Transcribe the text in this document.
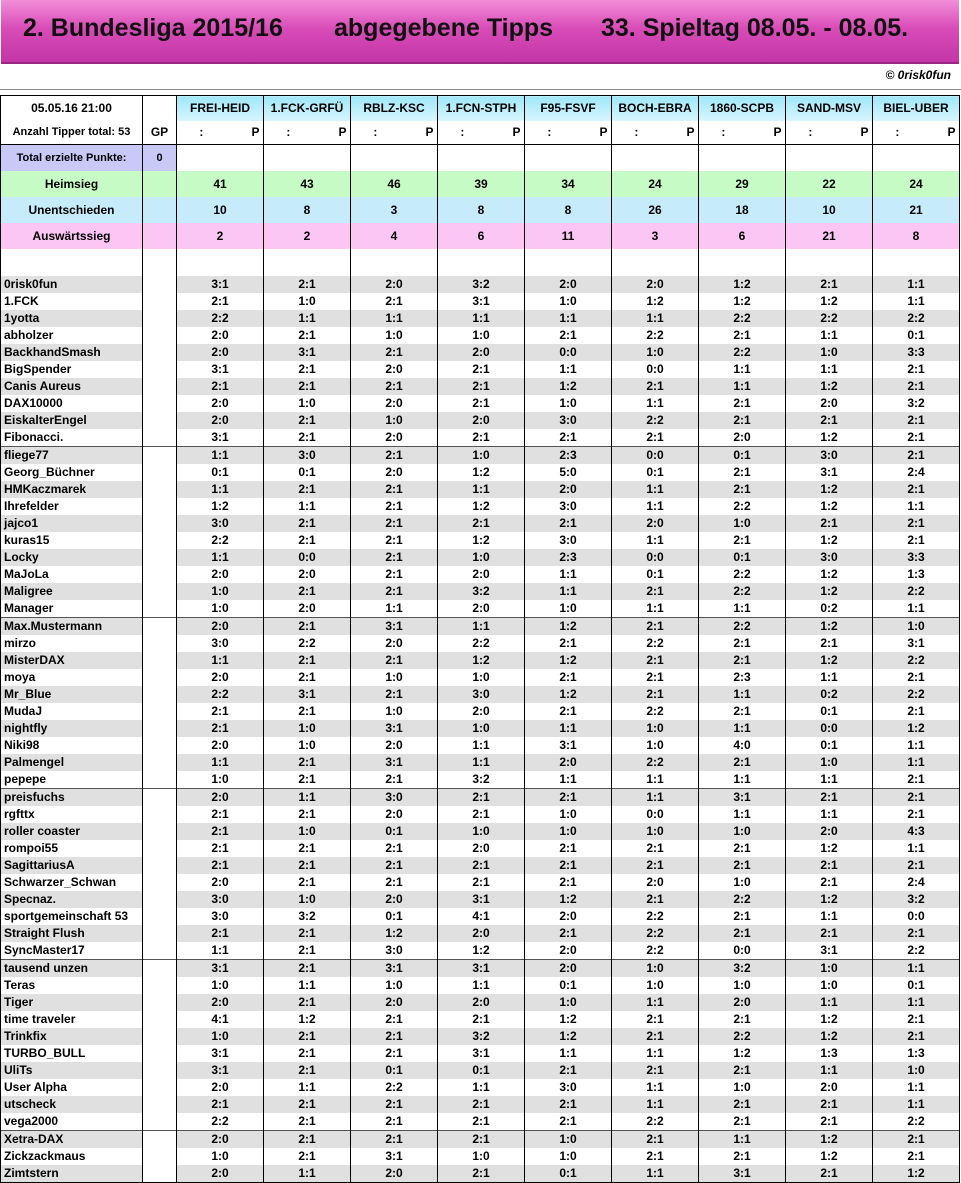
2. Bundesliga 2015/16 abgegebene Tipps 33. Spieltag 08.05. - 08.05.
© 0risk0fun
05.05.16 21:00		FREI-HEID	1.FCK-GRFÜ	RBLZ-KSC	1.FCN-STPH	F95-FSVF	BOCH-EBRA	1860-SCPB	SAND-MSV	BIEL-UBER
Anzahl Tipper total: 53	GP	: P	: P	: P	: P	: P	: P	: P	: P	: P
Total erzielte Punkte:	0									
Heimsieg		41	43	46	39	34	24	29	22	24
Unentschieden		10	8	3	8	8	26	18	10	21
Auswärtssieg		2	2	4	6	11	3	6	21	8

0risk0fun		3:1	2:1	2:0	3:2	2:0	2:0	1:2	2:1	1:1
1.FCK		2:1	1:0	2:1	3:1	1:0	1:2	1:2	1:2	1:1
1yotta		2:2	1:1	1:1	1:1	1:1	1:1	2:2	2:2	2:2
abholzer		2:0	2:1	1:0	1:0	2:1	2:2	2:1	1:1	0:1
BackhandSmash		2:0	3:1	2:1	2:0	0:0	1:0	2:2	1:0	3:3
BigSpender		3:1	2:1	2:0	2:1	1:1	0:0	1:1	1:1	2:1
Canis Aureus		2:1	2:1	2:1	2:1	1:2	2:1	1:1	1:2	2:1
DAX10000		2:0	1:0	2:0	2:1	1:0	1:1	2:1	2:0	3:2
EiskalterEngel		2:0	2:1	1:0	2:0	3:0	2:2	2:1	2:1	2:1
Fibonacci.		3:1	2:1	2:0	2:1	2:1	2:1	2:0	1:2	2:1
fliege77		1:1	3:0	2:1	1:0	2:3	0:0	0:1	3:0	2:1
Georg_Büchner		0:1	0:1	2:0	1:2	5:0	0:1	2:1	3:1	2:4
HMKaczmarek		1:1	2:1	2:1	1:1	2:0	1:1	2:1	1:2	2:1
Ihrefelder		1:2	1:1	2:1	1:2	3:0	1:1	2:2	1:2	1:1
jajco1		3:0	2:1	2:1	2:1	2:1	2:0	1:0	2:1	2:1
kuras15		2:2	2:1	2:1	1:2	3:0	1:1	2:1	1:2	2:1
Locky		1:1	0:0	2:1	1:0	2:3	0:0	0:1	3:0	3:3
MaJoLa		2:0	2:0	2:1	2:0	1:1	0:1	2:2	1:2	1:3
Maligree		1:0	2:1	2:1	3:2	1:1	2:1	2:2	1:2	2:2
Manager		1:0	2:0	1:1	2:0	1:0	1:1	1:1	0:2	1:1
Max.Mustermann		2:0	2:1	3:1	1:1	1:2	2:1	2:2	1:2	1:0
mirzo		3:0	2:2	2:0	2:2	2:1	2:2	2:1	2:1	3:1
MisterDAX		1:1	2:1	2:1	1:2	1:2	2:1	2:1	1:2	2:2
moya		2:0	2:1	1:0	1:0	2:1	2:1	2:3	1:1	2:1
Mr_Blue		2:2	3:1	2:1	3:0	1:2	2:1	1:1	0:2	2:2
MudaJ		2:1	2:1	1:0	2:0	2:1	2:2	2:1	0:1	2:1
nightfly		2:1	1:0	3:1	1:0	1:1	1:0	1:1	0:0	1:2
Niki98		2:0	1:0	2:0	1:1	3:1	1:0	4:0	0:1	1:1
Palmengel		1:1	2:1	3:1	1:1	2:0	2:2	2:1	1:0	1:1
pepepe		1:0	2:1	2:1	3:2	1:1	1:1	1:1	1:1	2:1
preisfuchs		2:0	1:1	3:0	2:1	2:1	1:1	3:1	2:1	2:1
rgfttx		2:1	2:1	2:0	2:1	1:0	0:0	1:1	1:1	2:1
roller coaster		2:1	1:0	0:1	1:0	1:0	1:0	1:0	2:0	4:3
rompoi55		2:1	2:1	2:1	2:0	2:1	2:1	2:1	1:2	1:1
SagittariusA		2:1	2:1	2:1	2:1	2:1	2:1	2:1	2:1	2:1
Schwarzer_Schwan		2:0	2:1	2:1	2:1	2:1	2:0	1:0	2:1	2:4
Specnaz.		3:0	1:0	2:0	3:1	1:2	2:1	2:2	1:2	3:2
sportgemeinschaft 53		3:0	3:2	0:1	4:1	2:0	2:2	2:1	1:1	0:0
Straight Flush		2:1	2:1	1:2	2:0	2:1	2:2	2:1	2:1	2:1
SyncMaster17		1:1	2:1	3:0	1:2	2:0	2:2	0:0	3:1	2:2
tausend unzen		3:1	2:1	3:1	3:1	2:0	1:0	3:2	1:0	1:1
Teras		1:0	1:1	1:0	1:1	0:1	1:0	1:0	1:0	0:1
Tiger		2:0	2:1	2:0	2:0	1:0	1:1	2:0	1:1	1:1
time traveler		4:1	1:2	2:1	2:1	1:2	2:1	2:1	1:2	2:1
Trinkfix		1:0	2:1	2:1	3:2	1:2	2:1	2:2	1:2	2:1
TURBO_BULL		3:1	2:1	2:1	3:1	1:1	1:1	1:2	1:3	1:3
UliTs		3:1	2:1	0:1	0:1	2:1	2:1	2:1	1:1	1:0
User Alpha		2:0	1:1	2:2	1:1	3:0	1:1	1:0	2:0	1:1
utscheck		2:1	2:1	2:1	2:1	2:1	1:1	2:1	2:1	1:1
vega2000		2:2	2:1	2:1	2:1	2:1	2:2	2:1	2:1	2:2
Xetra-DAX		2:0	2:1	2:1	2:1	1:0	2:1	1:1	1:2	2:1
Zickzackmaus		1:0	2:1	3:1	1:0	1:0	2:1	2:1	1:2	2:1
Zimtstern		2:0	1:1	2:0	2:1	0:1	1:1	3:1	2:1	1:2
